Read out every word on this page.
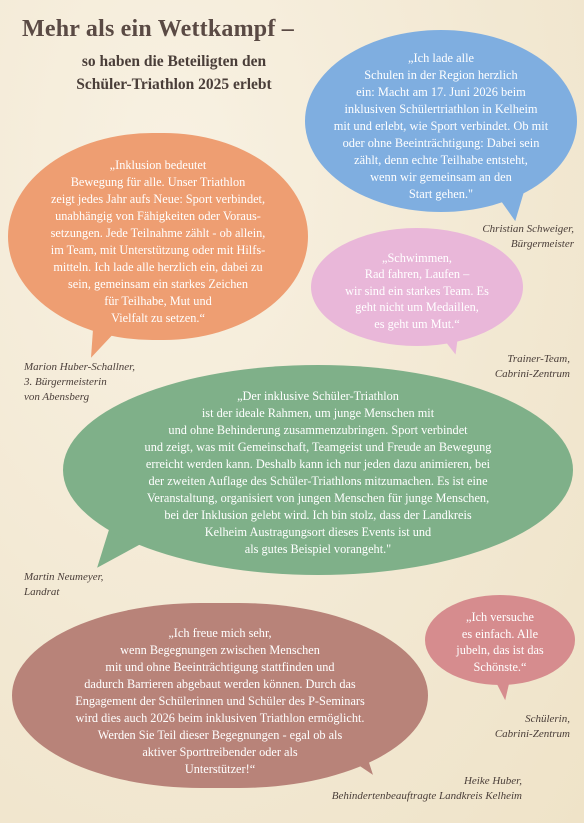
Mehr als ein Wettkampf –
so haben die Beteiligten den
Schüler-Triathlon 2025 erlebt

„Ich lade alle
Schulen in der Region herzlich
ein: Macht am 17. Juni 2026 beim
inklusiven Schülertriathlon in Kelheim
mit und erlebt, wie Sport verbindet. Ob mit
oder ohne Beeinträchtigung: Dabei sein
zählt, denn echte Teilhabe entsteht,
wenn wir gemeinsam an den
Start gehen."

Christian Schweiger,
Bürgermeister

„Inklusion bedeutet
Bewegung für alle. Unser Triathlon
zeigt jedes Jahr aufs Neue: Sport verbindet,
unabhängig von Fähigkeiten oder Voraus-
setzungen. Jede Teilnahme zählt - ob allein,
im Team, mit Unterstützung oder mit Hilfs-
mitteln. Ich lade alle herzlich ein, dabei zu
sein, gemeinsam ein starkes Zeichen
für Teilhabe, Mut und
Vielfalt zu setzen.“

Marion Huber-Schallner,
3. Bürgermeisterin
von Abensberg

„Schwimmen,
Rad fahren, Laufen –
wir sind ein starkes Team. Es
geht nicht um Medaillen,
es geht um Mut.“

Trainer-Team,
Cabrini-Zentrum

„Der inklusive Schüler-Triathlon
ist der ideale Rahmen, um junge Menschen mit
und ohne Behinderung zusammenzubringen. Sport verbindet
und zeigt, was mit Gemeinschaft, Teamgeist und Freude an Bewegung
erreicht werden kann. Deshalb kann ich nur jeden dazu animieren, bei
der zweiten Auflage des Schüler-Triathlons mitzumachen. Es ist eine
Veranstaltung, organisiert von jungen Menschen für junge Menschen,
bei der Inklusion gelebt wird. Ich bin stolz, dass der Landkreis
Kelheim Austragungsort dieses Events ist und
als gutes Beispiel vorangeht."

Martin Neumeyer,
Landrat

„Ich versuche
es einfach. Alle
jubeln, das ist das
Schönste.“

Schülerin,
Cabrini-Zentrum

„Ich freue mich sehr,
wenn Begegnungen zwischen Menschen
mit und ohne Beeinträchtigung stattfinden und
dadurch Barrieren abgebaut werden können. Durch das
Engagement der Schülerinnen und Schüler des P-Seminars
wird dies auch 2026 beim inklusiven Triathlon ermöglicht.
Werden Sie Teil dieser Begegnungen - egal ob als
aktiver Sporttreibender oder als
Unterstützer!“

Heike Huber,
Behindertenbeauftragte Landkreis Kelheim
